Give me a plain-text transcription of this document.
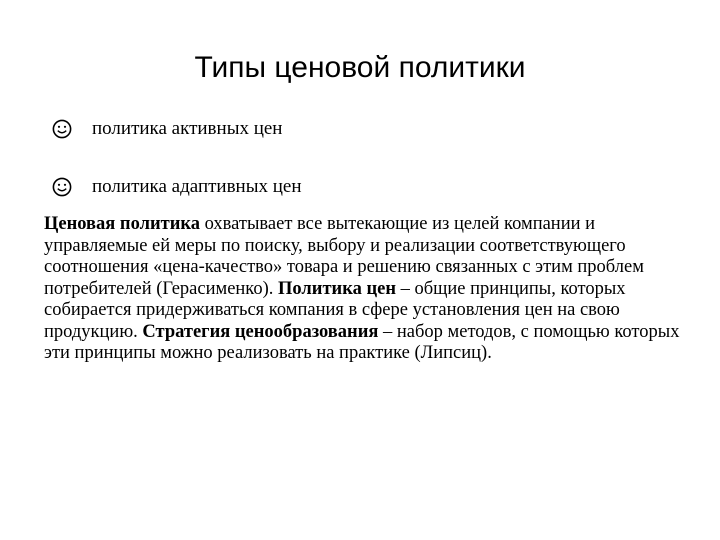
Типы ценовой политики
политика активных цен
политика адаптивных цен

Ценовая политика охватывает все вытекающие из целей компании и управляемые ей меры по поиску, выбору и реализации соответствующего соотношения «цена-качество» товара и решению связанных с этим проблем потребителей (Герасименко). Политика цен – общие принципы, которых собирается придерживаться компания в сфере установления цен на свою продукцию. Стратегия ценообразования – набор методов, с помощью которых эти принципы можно реализовать на практике (Липсиц).
